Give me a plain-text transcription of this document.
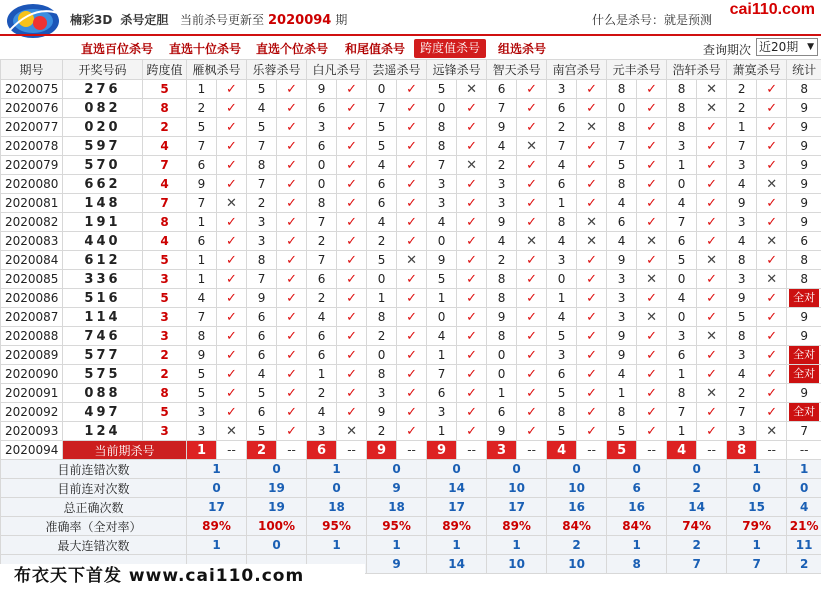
楠彩3D 杀号定胆 当前杀号更新至 2020094 期	什么是杀号：就是预测
cai110.com
直选百位杀号 直选十位杀号 直选个位杀号 和尾值杀号	跨度值杀号	组选杀号	查询期次 近20期 ▼
期号	开奖号码	跨度值	雁枫杀号		乐蓉杀号		白凡杀号		芸遥杀号		远锋杀号		智天杀号		南宫杀号		元丰杀号		浩轩杀号		萧寞杀号		统计
2020075	276	5	1	✓	5	✓	9	✓	0	✓	5	✕	6	✓	3	✓	8	✓	8	✕	2	✓	8
2020076	082	8	2	✓	4	✓	6	✓	7	✓	0	✓	7	✓	6	✓	0	✓	8	✕	2	✓	9
2020077	020	2	5	✓	5	✓	3	✓	5	✓	8	✓	9	✓	2	✕	8	✓	8	✓	1	✓	9
2020078	597	4	7	✓	7	✓	6	✓	5	✓	8	✓	4	✕	7	✓	7	✓	3	✓	7	✓	9
2020079	570	7	6	✓	8	✓	0	✓	4	✓	7	✕	2	✓	4	✓	5	✓	1	✓	3	✓	9
2020080	662	4	9	✓	7	✓	0	✓	6	✓	3	✓	3	✓	6	✓	8	✓	0	✓	4	✕	9
2020081	148	7	7	✕	2	✓	8	✓	6	✓	3	✓	3	✓	1	✓	4	✓	4	✓	9	✓	9
2020082	191	8	1	✓	3	✓	7	✓	4	✓	4	✓	9	✓	8	✕	6	✓	7	✓	3	✓	9
2020083	440	4	6	✓	3	✓	2	✓	2	✓	0	✓	4	✕	4	✕	4	✕	6	✓	4	✕	6
2020084	612	5	1	✓	8	✓	7	✓	5	✕	9	✓	2	✓	3	✓	9	✓	5	✕	8	✓	8
2020085	336	3	1	✓	7	✓	6	✓	0	✓	5	✓	8	✓	0	✓	3	✕	0	✓	3	✕	8
2020086	516	5	4	✓	9	✓	2	✓	1	✓	1	✓	8	✓	1	✓	3	✓	4	✓	9	✓	全对
2020087	114	3	7	✓	6	✓	4	✓	8	✓	0	✓	9	✓	4	✓	3	✕	0	✓	5	✓	9
2020088	746	3	8	✓	6	✓	6	✓	2	✓	4	✓	8	✓	5	✓	9	✓	3	✕	8	✓	9
2020089	577	2	9	✓	6	✓	6	✓	0	✓	1	✓	0	✓	3	✓	9	✓	6	✓	3	✓	全对
2020090	575	2	5	✓	4	✓	1	✓	8	✓	7	✓	0	✓	6	✓	4	✓	1	✓	4	✓	全对
2020091	088	8	5	✓	5	✓	2	✓	3	✓	6	✓	1	✓	5	✓	1	✓	8	✕	2	✓	9
2020092	497	5	3	✓	6	✓	4	✓	9	✓	3	✓	6	✓	8	✓	8	✓	7	✓	7	✓	全对
2020093	124	3	3	✕	5	✓	3	✕	2	✓	1	✓	9	✓	5	✓	5	✓	1	✓	3	✕	7
2020094	当前期杀号		1	--	2	--	6	--	9	--	9	--	3	--	4	--	5	--	4	--	8	--	--
目前连错次数			1		0		1		0		0		0		0		0		0		1		1
目前连对次数			0		19		0		9		14		10		10		6		2		0		0
总正确次数			17		19		18		18		17		17		16		16		14		15		4
准确率（全对率）			89%		100%		95%		95%		89%		89%		84%		84%		74%		79%		21%
最大连错次数			1		0		1		1		1		1		2		1		2		1		11
									9		14		10		10		8		7		7		2
布衣天下首发 www.cai110.com
